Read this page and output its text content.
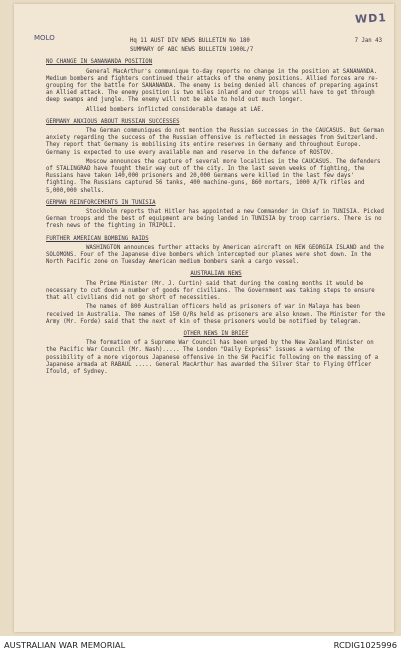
WD1
MOLO	Hq 11 AUST DIV NEWS BULLETIN No 180	7 Jan 43
SUMMARY OF ABC NEWS BULLETIN 1900L/7
NO CHANGE IN SANANANDA POSITION

General MacArthur's communique to-day reports no change in the position at SANANANDA. Medium bombers and fighters continued their attacks of the enemy positions. Allied forces are re-grouping for the battle for SANANANDA. The enemy is being denied all chances of preparing against an Allied attack. The enemy position is two miles inland and our troops will have to get through deep swamps and jungle. The enemy will not be able to hold out much longer.

Allied bombers inflicted considerable damage at LAE.

GERMANY ANXIOUS ABOUT RUSSIAN SUCCESSES

The German communiques do not mention the Russian successes in the CAUCASUS. But German anxiety regarding the success of the Russian offensive is reflected in messages from Switzerland. They report that Germany is mobilising its entire reserves in Germany and throughout Europe. Germany is expected to use every available man and reserve in the defence of ROSTOV.

Moscow announces the capture of several more localities in the CAUCASUS. The defenders of STALINGRAD have fought their way out of the city. In the last seven weeks of fighting, the Russians have taken 140,000 prisoners and 20,000 Germans were killed in the last few days' fighting. The Russians captured 56 tanks, 400 machine-guns, 860 mortars, 1000 A/Tk rifles and 5,000,000 shells.

GERMAN REINFORCEMENTS IN TUNISIA

Stockholm reports that Hitler has appointed a new Commander in Chief in TUNISIA. Picked German troops and the best of equipment are being landed in TUNISIA by troop carriers. There is no fresh news of the fighting in TRIPOLI.

FURTHER AMERICAN BOMBING RAIDS

WASHINGTON announces further attacks by American aircraft on NEW GEORGIA ISLAND and the SOLOMONS. Four of the Japanese dive bombers which intercepted our planes were shot down. In the North Pacific zone on Tuesday American medium bombers sank a cargo vessel.

AUSTRALIAN NEWS

The Prime Minister (Mr. J. Curtin) said that during the coming months it would be necessary to cut down a number of goods for civilians. The Government was taking steps to ensure that all civilians did not go short of necessities.

The names of 800 Australian officers held as prisoners of war in Malaya has been received in Australia. The names of 150 O/Rs held as prisoners are also known. The Minister for the Army (Mr. Forde) said that the next of kin of these prisoners would be notified by telegram.

OTHER NEWS IN BRIEF

The formation of a Supreme War Council has been urged by the New Zealand Minister on the Pacific War Council (Mr. Nash)..... The London "Daily Express" issues a warning of the possibility of a more vigorous Japanese offensive in the SW Pacific following on the massing of a Japanese armada at RABAUL ..... General MacArthur has awarded the Silver Star to Flying Officer Ifould, of Sydney.

AUSTRALIAN WAR MEMORIAL	RCDIG1025996
